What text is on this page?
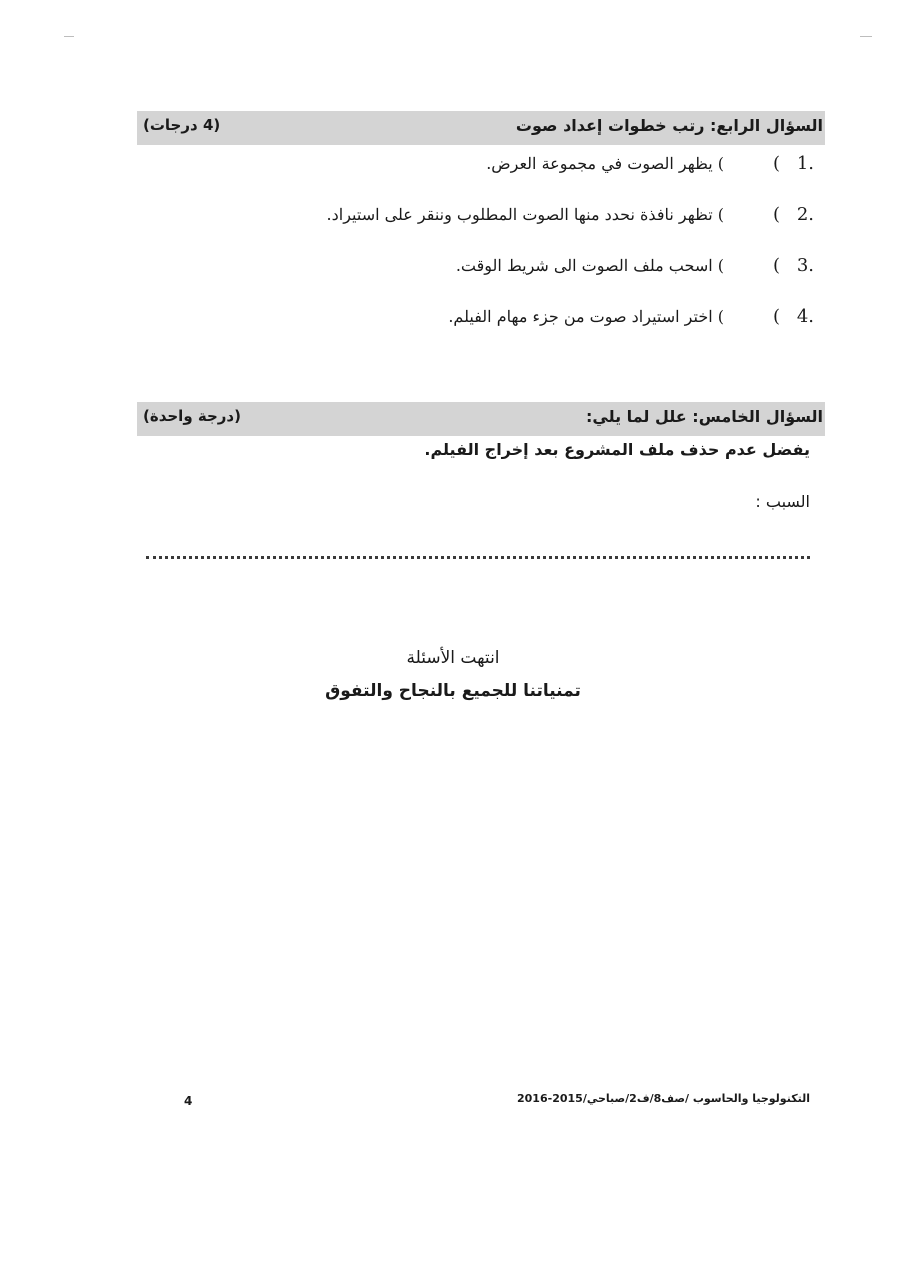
السؤال الرابع: رتب خطوات إعداد صوت
(4 درجات)
) يظهر الصوت في مجموعة العرض.	( 1.
) تظهر نافذة نحدد منها الصوت المطلوب وننقر على استيراد.	( 2.
) اسحب ملف الصوت الى شريط الوقت.	( 3.
) اختر استيراد صوت من جزء مهام الفيلم.	( 4.
السؤال الخامس: علل لما يلي:
(درجة واحدة)
يفضل عدم حذف ملف المشروع بعد إخراج الفيلم.
السبب :
انتهت الأسئلة
تمنياتنا للجميع بالنجاح والتفوق
التكنولوجيا والحاسوب /صف8/ف2/صباحي/2015-2016
4
